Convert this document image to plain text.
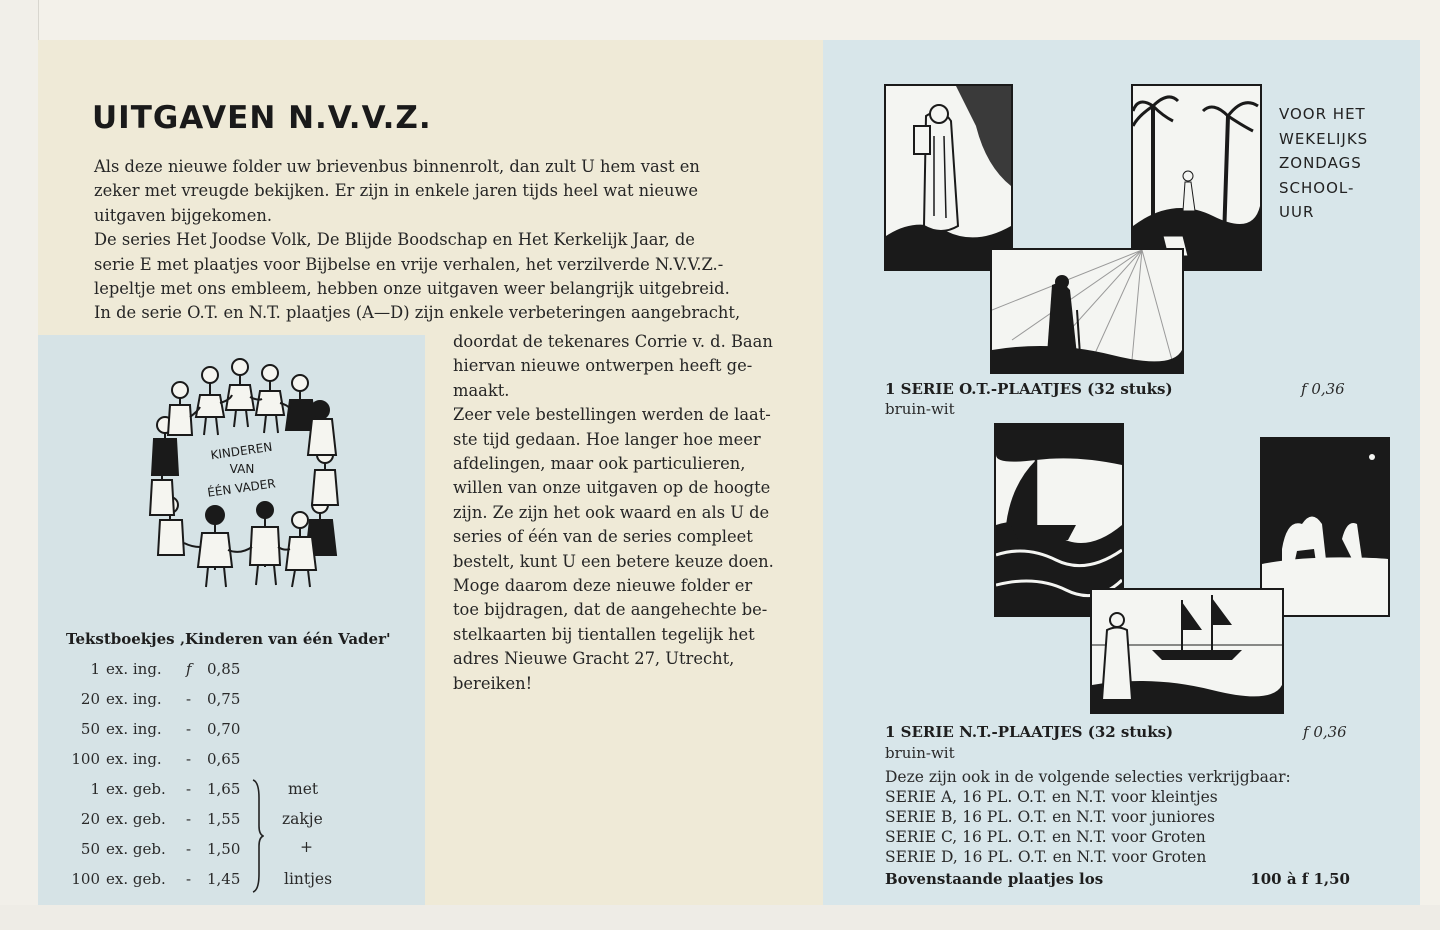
UITGAVEN N.V.V.Z.

Als deze nieuwe folder uw brievenbus binnenrolt, dan zult U hem vast en
zeker met vreugde bekijken. Er zijn in enkele jaren tijds heel wat nieuwe
uitgaven bijgekomen.
De series Het Joodse Volk, De Blijde Boodschap en Het Kerkelijk Jaar, de
serie E met plaatjes voor Bijbelse en vrije verhalen, het verzilverde N.V.V.Z.-
lepeltje met ons embleem, hebben onze uitgaven weer belangrijk uitgebreid.
In de serie O.T. en N.T. plaatjes (A—D) zijn enkele verbeteringen aangebracht,

doordat de tekenares Corrie v. d. Baan
hiervan nieuwe ontwerpen heeft ge-
maakt.
Zeer vele bestellingen werden de laat-
ste tijd gedaan. Hoe langer hoe meer
afdelingen, maar ook particulieren,
willen van onze uitgaven op de hoogte
zijn. Ze zijn het ook waard en als U de
series of één van de series compleet
bestelt, kunt U een betere keuze doen.
Moge daarom deze nieuwe folder er
toe bijdragen, dat de aangehechte be-
stelkaarten bij tientallen tegelijk het
adres Nieuwe Gracht 27, Utrecht,
bereiken!

KINDEREN
VAN
ÉÉN VADER
Tekstboekjes ‚Kinderen van één Vader'
1 ex. ing. f 0,85
20 ex. ing. - 0,75
50 ex. ing. - 0,70
100 ex. ing. - 0,65
1 ex. geb. - 1,65
20 ex. geb. - 1,55
50 ex. geb. - 1,50
100 ex. geb. - 1,45
met
zakje
+
lintjes
VOOR HET
WEKELIJKS
ZONDAGS
SCHOOL-
UUR

1 SERIE O.T.-PLAATJES (32 stuks)	f 0,36

bruin-wit

1 SERIE N.T.-PLAATJES (32 stuks)	f 0,36

bruin-wit

Deze zijn ook in de volgende selecties verkrijgbaar:
SERIE A, 16 PL. O.T. en N.T. voor kleintjes
SERIE B, 16 PL. O.T. en N.T. voor juniores
SERIE C, 16 PL. O.T. en N.T. voor Groten
SERIE D, 16 PL. O.T. en N.T. voor Groten
Bovenstaande plaatjes los	100 à f 1,50
